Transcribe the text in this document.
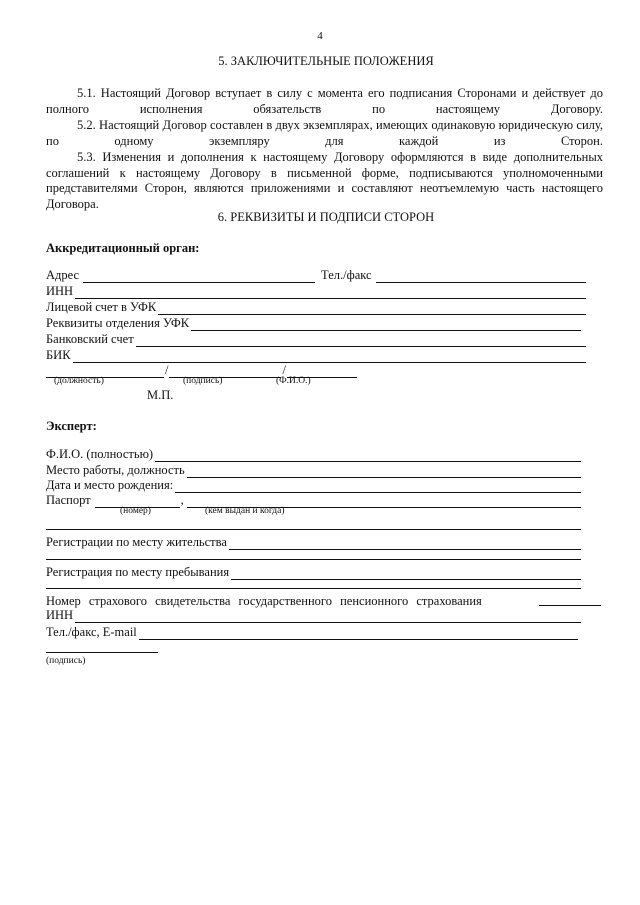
4
5. ЗАКЛЮЧИТЕЛЬНЫЕ ПОЛОЖЕНИЯ

5.1. Настоящий Договор вступает в силу с момента его подписания Сторонами и действует до полного исполнения обязательств по настоящему Договору.

5.2. Настоящий Договор составлен в двух экземплярах, имеющих одинаковую юридическую силу, по одному экземпляру для каждой из Сторон.

5.3. Изменения и дополнения к настоящему Договору оформляются в виде дополнительных соглашений к настоящему Договору в письменной форме, подписываются уполномоченными представителями Сторон, являются приложениями и составляют неотъемлемую часть настоящего Договора.

6. РЕКВИЗИТЫ И ПОДПИСИ СТОРОН
Аккредитационный орган:
Адрес	Тел./факс
ИНН
Лицевой счет в УФК
Реквизиты отделения УФК
Банковский счет
БИК
/	/
(должность)	(подпись)	(Ф.И.О.)
М.П.
Эксперт:
Ф.И.О. (полностью)
Место работы, должность
Дата и место рождения:
Паспорт	,
(номер)	(кем выдан и когда)
Регистрации по месту жительства
Регистрация по месту пребывания
Номер страхового свидетельства государственного пенсионного страхования
ИНН
Тел./факс, E-mail
(подпись)
